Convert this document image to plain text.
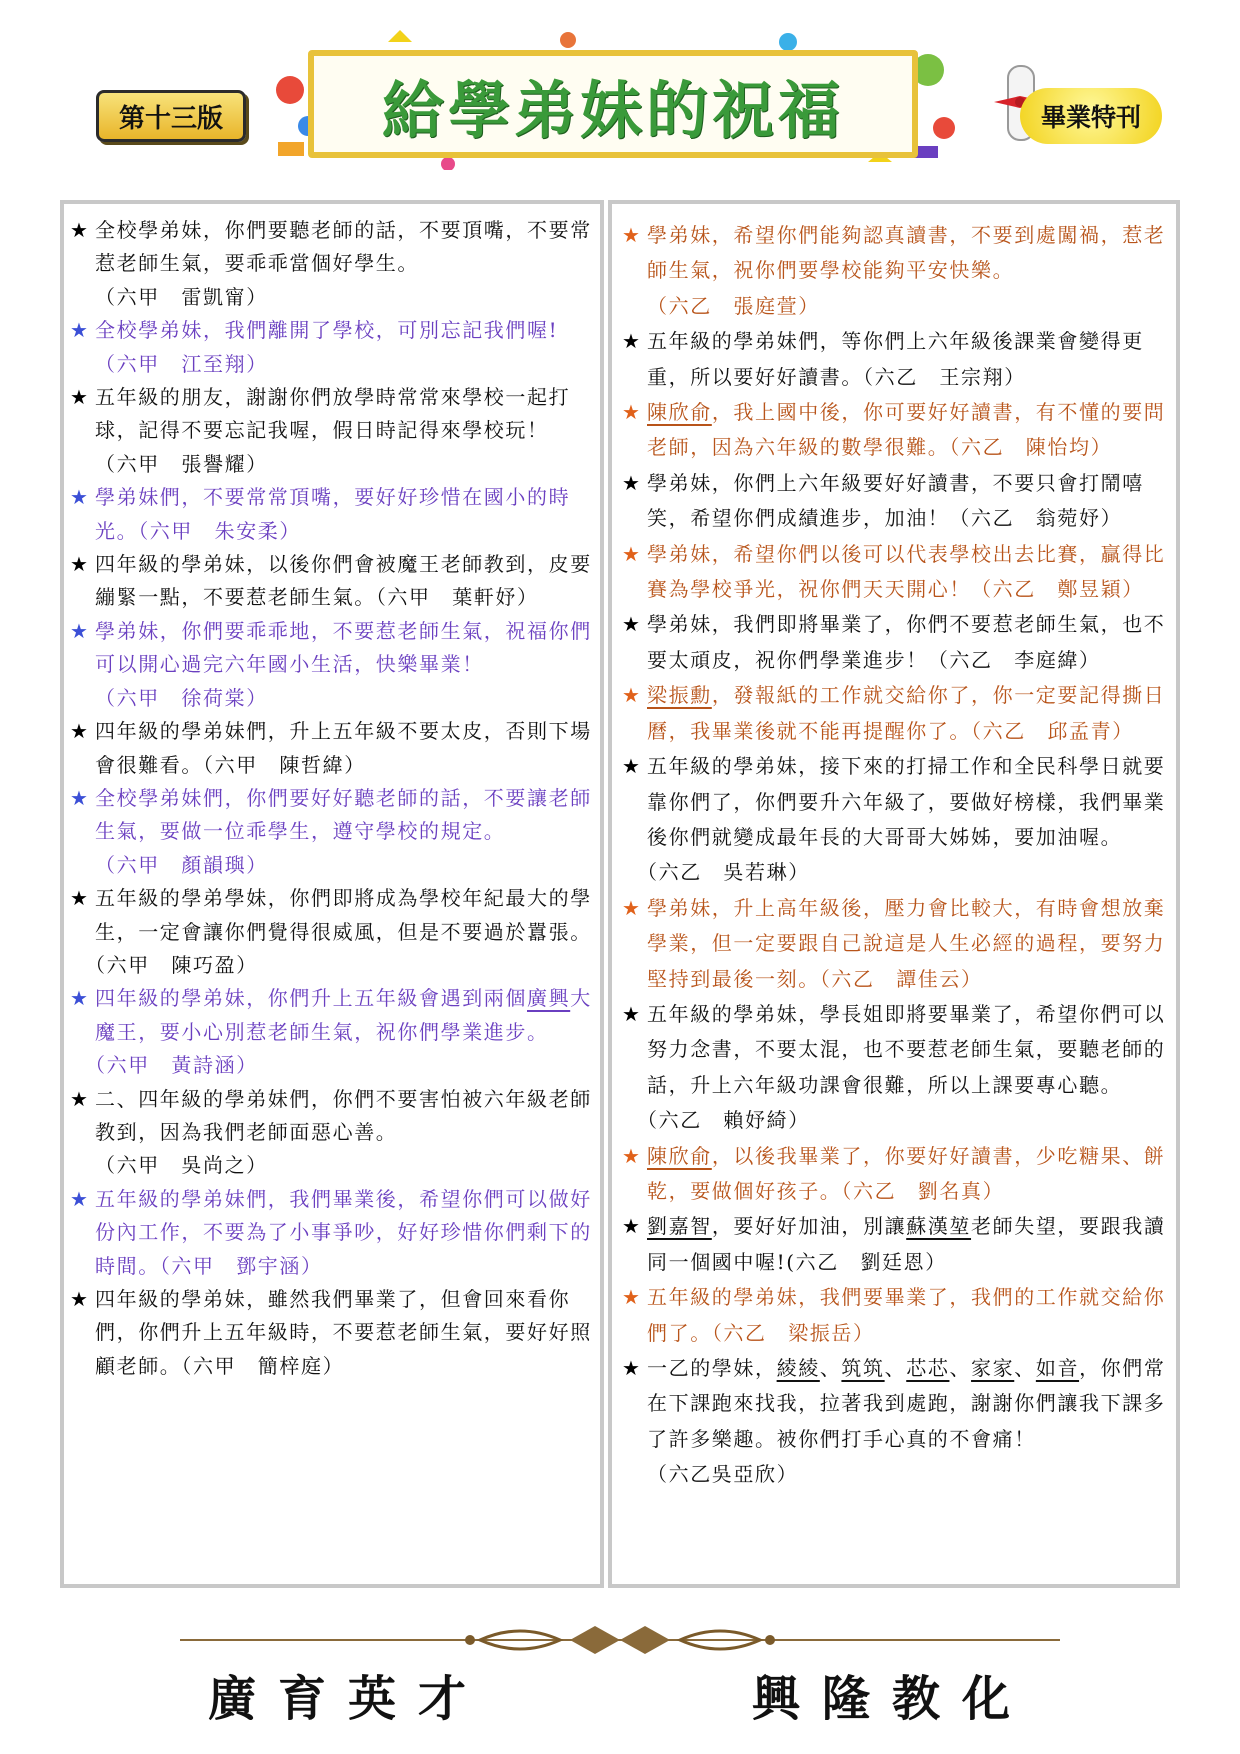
第十三版	給學弟妹的祝福	畢業特刊
★ 全校學弟妹，你們要聽老師的話，不要頂嘴，不要常惹老師生氣，要乖乖當個好學生。
（六甲　雷凱甯）
★ 全校學弟妹，我們離開了學校，可別忘記我們喔!
（六甲　江至翔）
★ 五年級的朋友，謝謝你們放學時常常來學校一起打球，記得不要忘記我喔，假日時記得來學校玩！
（六甲　張譽耀）
★ 學弟妹們，不要常常頂嘴，要好好珍惜在國小的時光。（六甲　朱安柔）
★ 四年級的學弟妹，以後你們會被魔王老師教到，皮要繃緊一點，不要惹老師生氣。（六甲　葉軒妤）
★ 學弟妹，你們要乖乖地，不要惹老師生氣，祝福你們可以開心過完六年國小生活，快樂畢業！
（六甲　徐荷棠）
★ 四年級的學弟妹們，升上五年級不要太皮，否則下場會很難看。（六甲　陳哲緯）
★ 全校學弟妹們，你們要好好聽老師的話，不要讓老師生氣，要做一位乖學生，遵守學校的規定。
（六甲　顏韻璵）
★ 五年級的學弟學妹，你們即將成為學校年紀最大的學生，一定會讓你們覺得很威風，但是不要過於囂張。（六甲　陳巧盈）
★ 四年級的學弟妹，你們升上五年級會遇到兩個廣興大魔王，要小心別惹老師生氣，祝你們學業進步。（六甲　黃詩涵）
★ 二、四年級的學弟妹們，你們不要害怕被六年級老師教到，因為我們老師面惡心善。
（六甲　吳尚之）
★ 五年級的學弟妹們，我們畢業後，希望你們可以做好份內工作，不要為了小事爭吵，好好珍惜你們剩下的時間。（六甲　鄧宇涵）
★ 四年級的學弟妹，雖然我們畢業了，但會回來看你們，你們升上五年級時，不要惹老師生氣，要好好照顧老師。（六甲　簡梓庭）
★ 學弟妹，希望你們能夠認真讀書，不要到處闖禍，惹老師生氣，祝你們要學校能夠平安快樂。
（六乙　張庭萱）
★ 五年級的學弟妹們，等你們上六年級後課業會變得更重，所以要好好讀書。（六乙　王宗翔）
★ 陳欣俞，我上國中後，你可要好好讀書，有不懂的要問老師，因為六年級的數學很難。（六乙　陳怡均）
★ 學弟妹，你們上六年級要好好讀書，不要只會打鬧嘻笑，希望你們成績進步，加油！（六乙　翁菀妤）
★ 學弟妹，希望你們以後可以代表學校出去比賽，贏得比賽為學校爭光，祝你們天天開心！（六乙　鄭昱穎）
★ 學弟妹，我們即將畢業了，你們不要惹老師生氣，也不要太頑皮，祝你們學業進步！（六乙　李庭緯）
★ 梁振勳，發報紙的工作就交給你了，你一定要記得撕日曆，我畢業後就不能再提醒你了。（六乙　邱孟青）
★ 五年級的學弟妹，接下來的打掃工作和全民科學日就要靠你們了，你們要升六年級了，要做好榜樣，我們畢業後你們就變成最年長的大哥哥大姊姊，要加油喔。（六乙　吳若琳）
★ 學弟妹，升上高年級後，壓力會比較大，有時會想放棄學業，但一定要跟自己說這是人生必經的過程，要努力堅持到最後一刻。（六乙　譚佳云）
★ 五年級的學弟妹，學長姐即將要畢業了，希望你們可以努力念書，不要太混，也不要惹老師生氣，要聽老師的話，升上六年級功課會很難，所以上課要專心聽。（六乙　賴妤綺）
★ 陳欣俞，以後我畢業了，你要好好讀書，少吃糖果、餅乾，要做個好孩子。（六乙　劉名真）
★ 劉嘉智，要好好加油，別讓蘇漢堃老師失望，要跟我讀同一個國中喔!(六乙　劉廷恩）
★ 五年級的學弟妹，我們要畢業了，我們的工作就交給你們了。（六乙　梁振岳）
★ 一乙的學妹，綾綾、筑筑、芯芯、家家、如音，你們常在下課跑來找我，拉著我到處跑，謝謝你們讓我下課多了許多樂趣。被你們打手心真的不會痛！（六乙吳亞欣）
廣育英才	興隆教化
